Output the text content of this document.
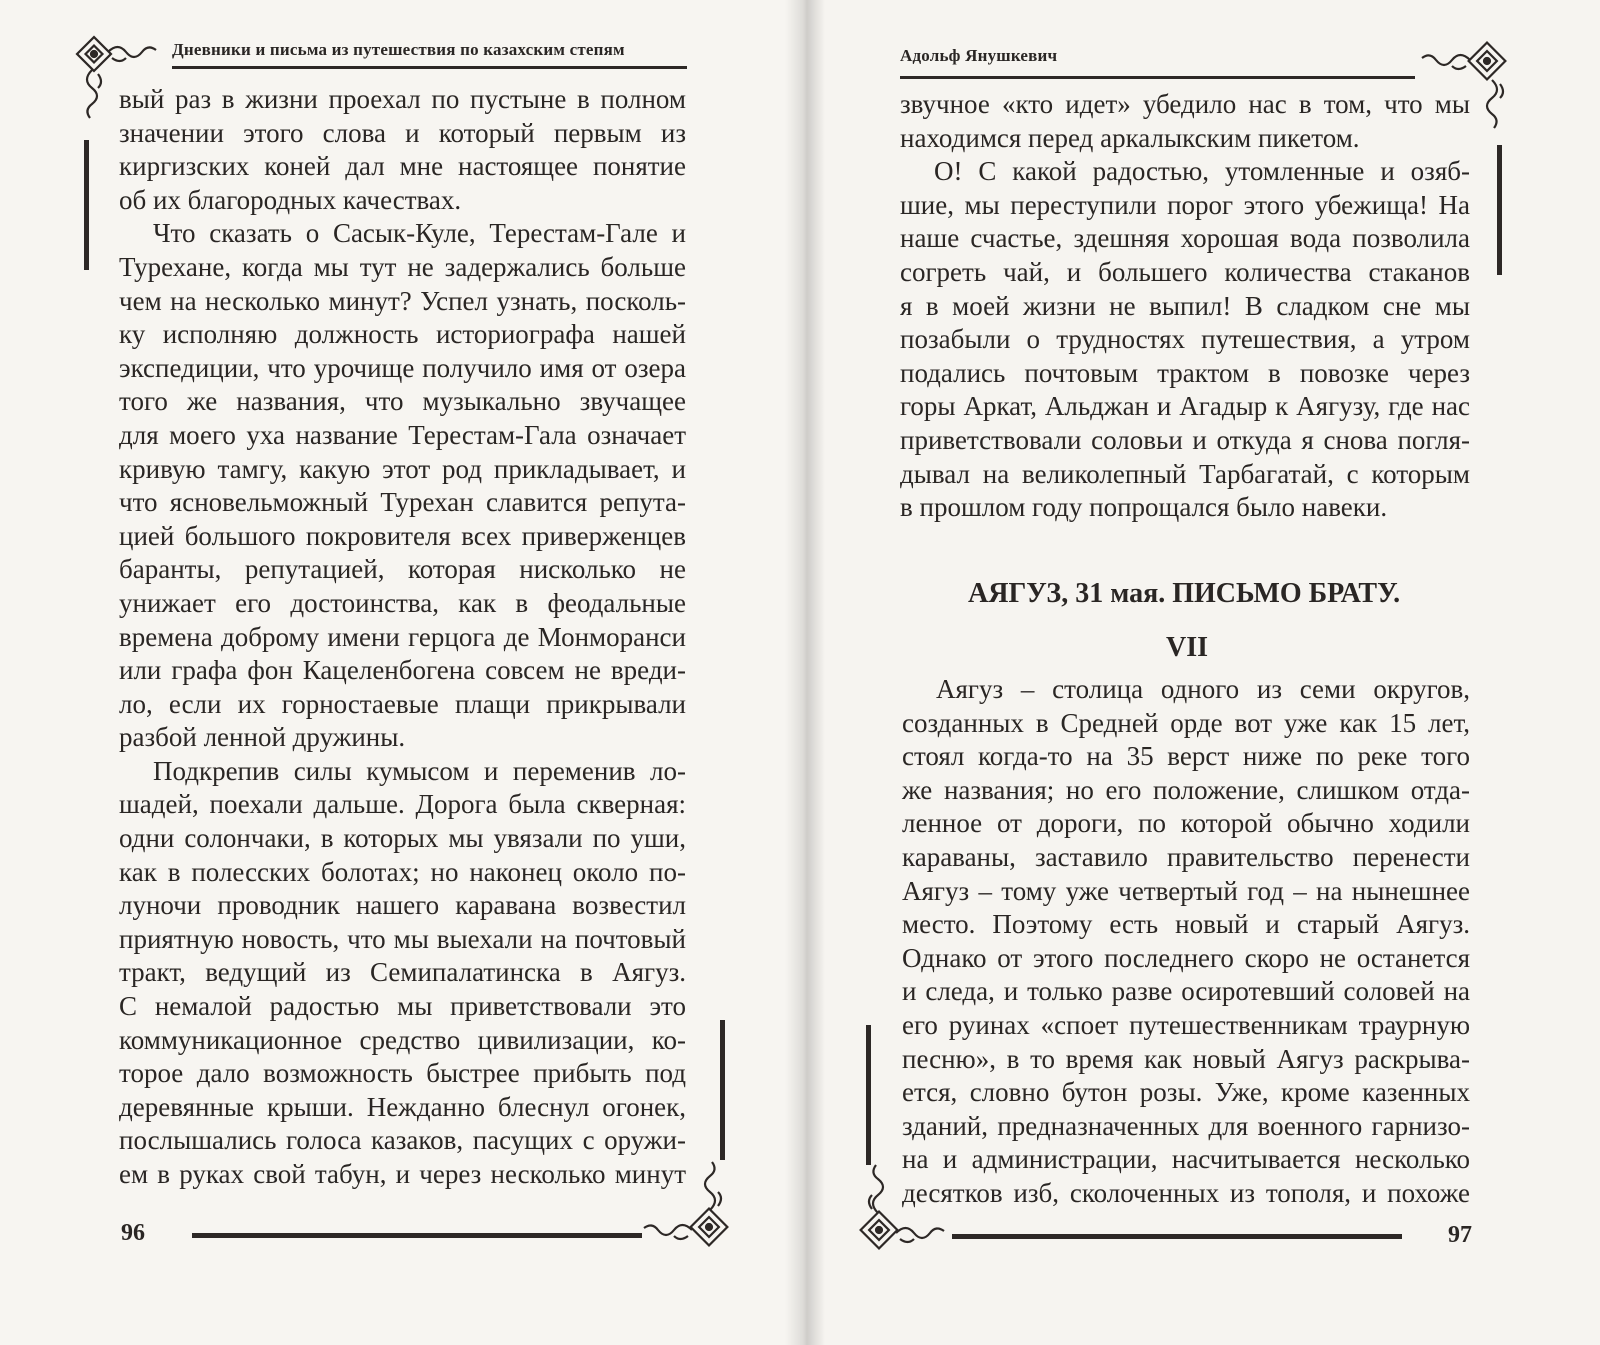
Дневники и письма из путешествия по казахским степям
вый раз в жизни проехал по пустыне в полном
значении этого слова и который первым из
киргизских коней дал мне настоящее понятие
об их благородных качествах.
Что сказать о Сасык-Куле, Терестам-Гале и
Турехане, когда мы тут не задержались больше
чем на несколько минут? Успел узнать, посколь-
ку исполняю должность историографа нашей
экспедиции, что урочище получило имя от озера
того же названия, что музыкально звучащее
для моего уха название Терестам-Гала означает
кривую тамгу, какую этот род прикладывает, и
что ясновельможный Турехан славится репута-
цией большого покровителя всех приверженцев
баранты, репутацией, которая нисколько не
унижает его достоинства, как в феодальные
времена доброму имени герцога де Монморанси
или графа фон Кацеленбогена совсем не вреди-
ло, если их горностаевые плащи прикрывали
разбой ленной дружины.
Подкрепив силы кумысом и переменив ло-
шадей, поехали дальше. Дорога была скверная:
одни солончаки, в которых мы увязали по уши,
как в полесских болотах; но наконец около по-
луночи проводник нашего каравана возвестил
приятную новость, что мы выехали на почтовый
тракт, ведущий из Семипалатинска в Аягуз.
С немалой радостью мы приветствовали это
коммуникационное средство цивилизации, ко-
торое дало возможность быстрее прибыть под
деревянные крыши. Нежданно блеснул огонек,
послышались голоса казаков, пасущих с оружи-
ем в руках свой табун, и через несколько минут
96
Адольф Янушкевич
звучное «кто идет» убедило нас в том, что мы
находимся перед аркалыкским пикетом.
О! С какой радостью, утомленные и озяб-
шие, мы переступили порог этого убежища! На
наше счастье, здешняя хорошая вода позволила
согреть чай, и большего количества стаканов
я в моей жизни не выпил! В сладком сне мы
позабыли о трудностях путешествия, а утром
подались почтовым трактом в повозке через
горы Аркат, Альджан и Агадыр к Аягузу, где нас
приветствовали соловьи и откуда я снова погля-
дывал на великолепный Тарбагатай, с которым
в прошлом году попрощался было навеки.
АЯГУЗ, 31 мая. ПИСЬМО БРАТУ.
VII
Аягуз – столица одного из семи округов,
созданных в Средней орде вот уже как 15 лет,
стоял когда-то на 35 верст ниже по реке того
же названия; но его положение, слишком отда-
ленное от дороги, по которой обычно ходили
караваны, заставило правительство перенести
Аягуз – тому уже четвертый год – на нынешнее
место. Поэтому есть новый и старый Аягуз.
Однако от этого последнего скоро не останется
и следа, и только разве осиротевший соловей на
его руинах «споет путешественникам траурную
песню», в то время как новый Аягуз раскрыва-
ется, словно бутон розы. Уже, кроме казенных
зданий, предназначенных для военного гарнизо-
на и администрации, насчитывается несколько
десятков изб, сколоченных из тополя, и похоже
97
